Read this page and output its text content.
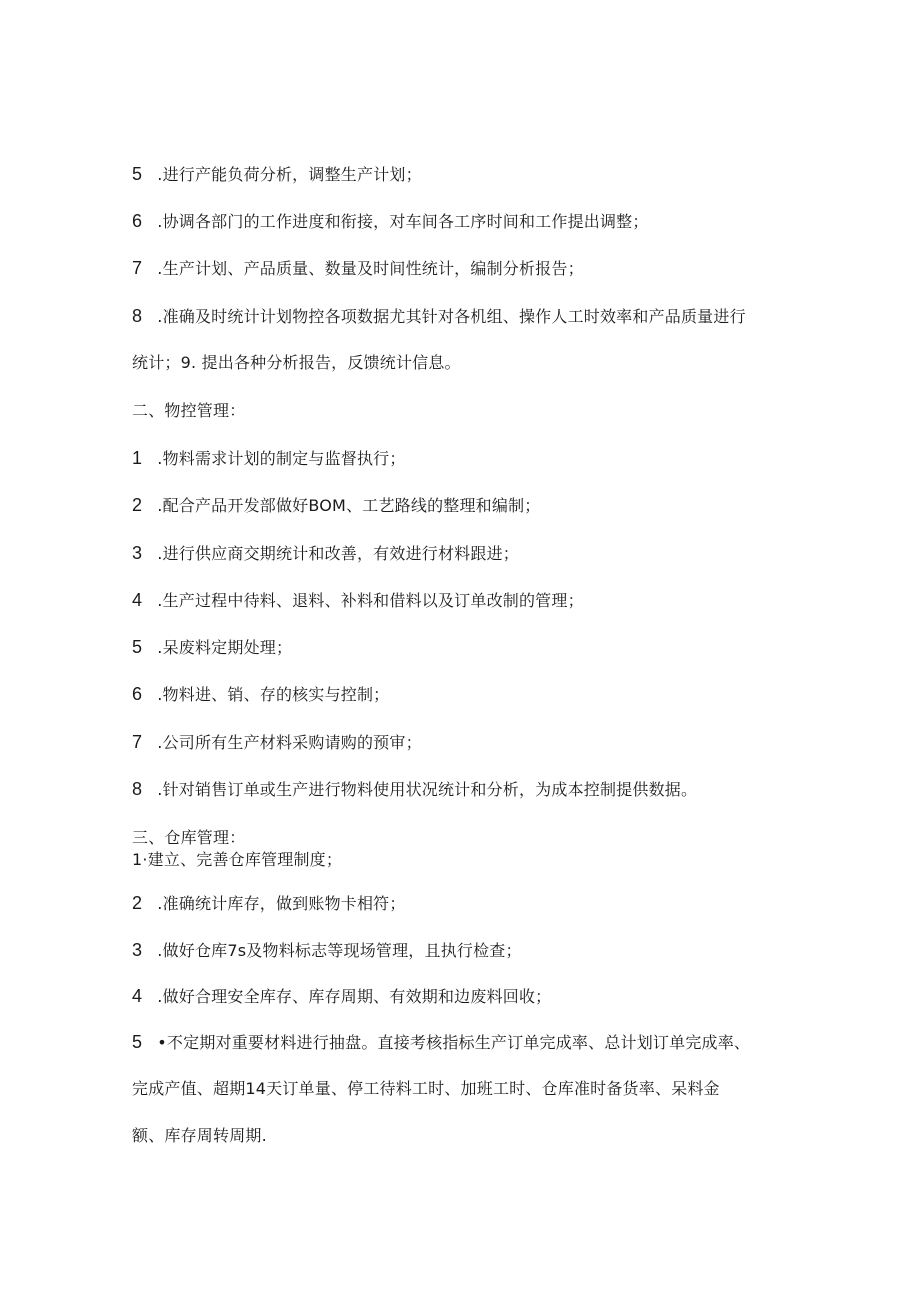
5 .进行产能负荷分析，调整生产计划；
6 .协调各部门的工作进度和衔接，对车间各工序时间和工作提出调整；
7 .生产计划、产品质量、数量及时间性统计，编制分析报告；
8 .准确及时统计计划物控各项数据尤其针对各机组、操作人工时效率和产品质量进行
统计；9. 提出各种分析报告，反馈统计信息。
二、物控管理：
1 .物料需求计划的制定与监督执行；
2 .配合产品开发部做好BOM、工艺路线的整理和编制；
3 .进行供应商交期统计和改善，有效进行材料跟进；
4 .生产过程中待料、退料、补料和借料以及订单改制的管理；
5 .呆废料定期处理；
6 .物料进、销、存的核实与控制；
7 .公司所有生产材料采购请购的预审；
8 .针对销售订单或生产进行物料使用状况统计和分析，为成本控制提供数据。
三、仓库管理：
1·建立、完善仓库管理制度；
2 .准确统计库存，做到账物卡相符；
3 .做好仓库7s及物料标志等现场管理，且执行检查；
4 .做好合理安全库存、库存周期、有效期和边废料回收；
5 •不定期对重要材料进行抽盘。直接考核指标生产订单完成率、总计划订单完成率、
完成产值、超期14天订单量、停工待料工时、加班工时、仓库准时备货率、呆料金
额、库存周转周期.
